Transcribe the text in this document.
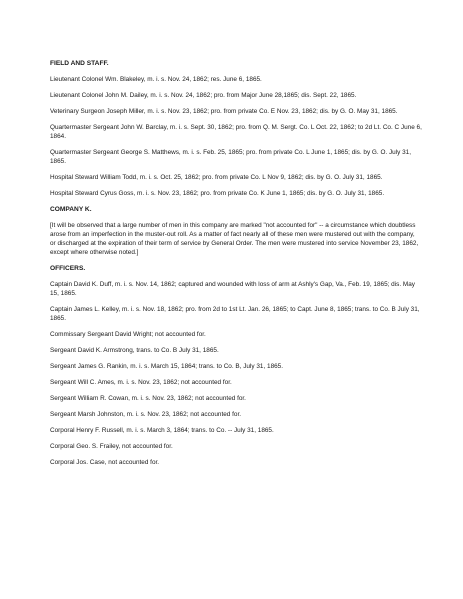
FIELD AND STAFF.

Lieutenant Colonel Wm. Blakeley, m. i. s. Nov. 24, 1862; res. June 6, 1865.

Lieutenant Colonel John M. Dailey, m. i. s. Nov. 24, 1862; pro. from Major June 28,1865; dis. Sept. 22, 1865.

Veterinary Surgeon Joseph Miller, m. i. s. Nov. 23, 1862; pro. from private Co. E Nov. 23, 1862; dis. by G. O. May 31, 1865.

Quartermaster Sergeant John W. Barclay, m. i. s. Sept. 30, 1862; pro. from Q. M. Sergt. Co. L Oct. 22, 1862; to 2d Lt. Co. C June 6, 1864.

Quartermaster Sergeant George S. Matthews, m. i. s. Feb. 25, 1865; pro. from private Co. L June 1, 1865; dis. by G. O. July 31, 1865.

Hospital Steward William Todd, m. i. s. Oct. 25, 1862; pro. from private Co. L Nov 9, 1862; dis. by G. O. July 31, 1865.

Hospital Steward Cyrus Goss, m. i. s. Nov. 23, 1862; pro. from private Co. K June 1, 1865; dis. by G. O. July 31, 1865.

COMPANY K.

[It will be observed that a large number of men in this company are marked "not accounted for" -- a circumstance which doubtless arose from an imperfection in the muster-out roll. As a matter of fact nearly all of these men were mustered out with the company, or discharged at the expiration of their term of service by General Order. The men were mustered into service November 23, 1862, except where otherwise noted.]

OFFICERS.

Captain David K. Duff, m. i. s. Nov. 14, 1862; captured and wounded with loss of arm at Ashly's Gap, Va., Feb. 19, 1865; dis. May 15, 1865.

Captain James L. Kelley, m. i. s. Nov. 18, 1862; pro. from 2d to 1st Lt. Jan. 26, 1865; to Capt. June 8, 1865; trans. to Co. B July 31, 1865.

Commissary Sergeant David Wright; not accounted for.

Sergeant David K. Armstrong, trans. to Co. B July 31, 1865.

Sergeant James G. Rankin, m. i. s. March 15, 1864; trans. to Co. B, July 31, 1865.

Sergeant Will C. Ames, m. i. s. Nov. 23, 1862; not accounted for.

Sergeant William R. Cowan, m. i. s. Nov. 23, 1862; not accounted for.

Sergeant Marsh Johnston, m. i. s. Nov. 23, 1862; not accounted for.

Corporal Henry F. Russell, m. i. s. March 3, 1864; trans. to Co. -- July 31, 1865.

Corporal Geo. S. Frailey, not accounted for.

Corporal Jos. Case, not accounted for.
